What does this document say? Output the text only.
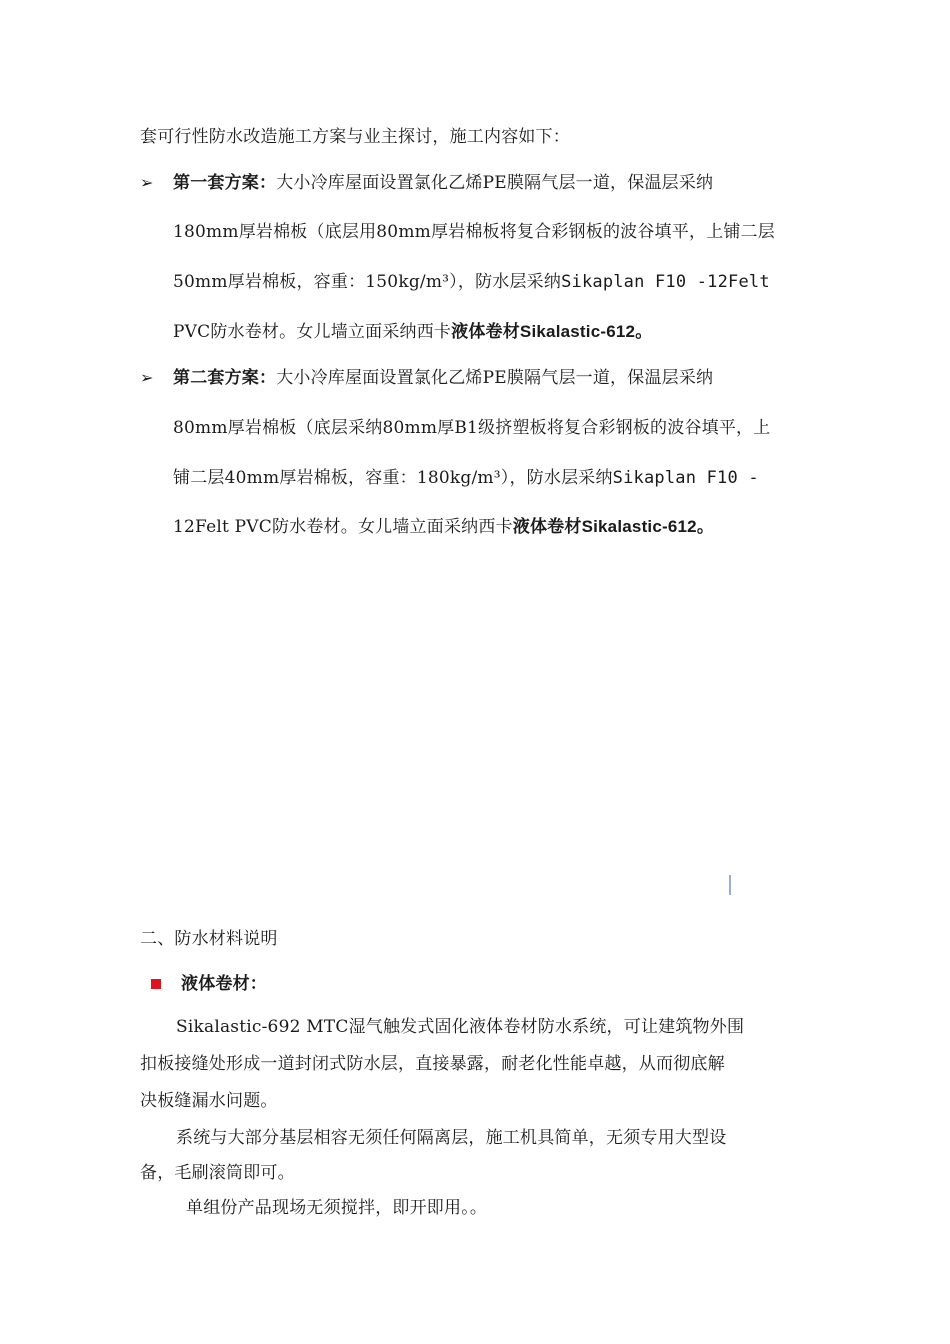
套可行性防水改造施工方案与业主探讨，施工内容如下：
➢ 第一套方案：大小冷库屋面设置氯化乙烯PE膜隔气层一道，保温层采纳
180mm厚岩棉板（底层用80mm厚岩棉板将复合彩钢板的波谷填平，上铺二层
50mm厚岩棉板，容重：150kg/m³），防水层采纳Sikaplan F10 -12Felt
PVC防水卷材。女儿墙立面采纳西卡液体卷材Sikalastic-612。
➢ 第二套方案：大小冷库屋面设置氯化乙烯PE膜隔气层一道，保温层采纳
80mm厚岩棉板（底层采纳80mm厚B1级挤塑板将复合彩钢板的波谷填平，上
铺二层40mm厚岩棉板，容重：180kg/m³），防水层采纳Sikaplan F10 -
12Felt PVC防水卷材。女儿墙立面采纳西卡液体卷材Sikalastic-612。
二、防水材料说明
液体卷材：
Sikalastic-692 MTC湿气触发式固化液体卷材防水系统，可让建筑物外围
扣板接缝处形成一道封闭式防水层，直接暴露，耐老化性能卓越，从而彻底解
决板缝漏水问题。
系统与大部分基层相容无须任何隔离层，施工机具简单，无须专用大型设
备，毛刷滚筒即可。
单组份产品现场无须搅拌，即开即用。。
